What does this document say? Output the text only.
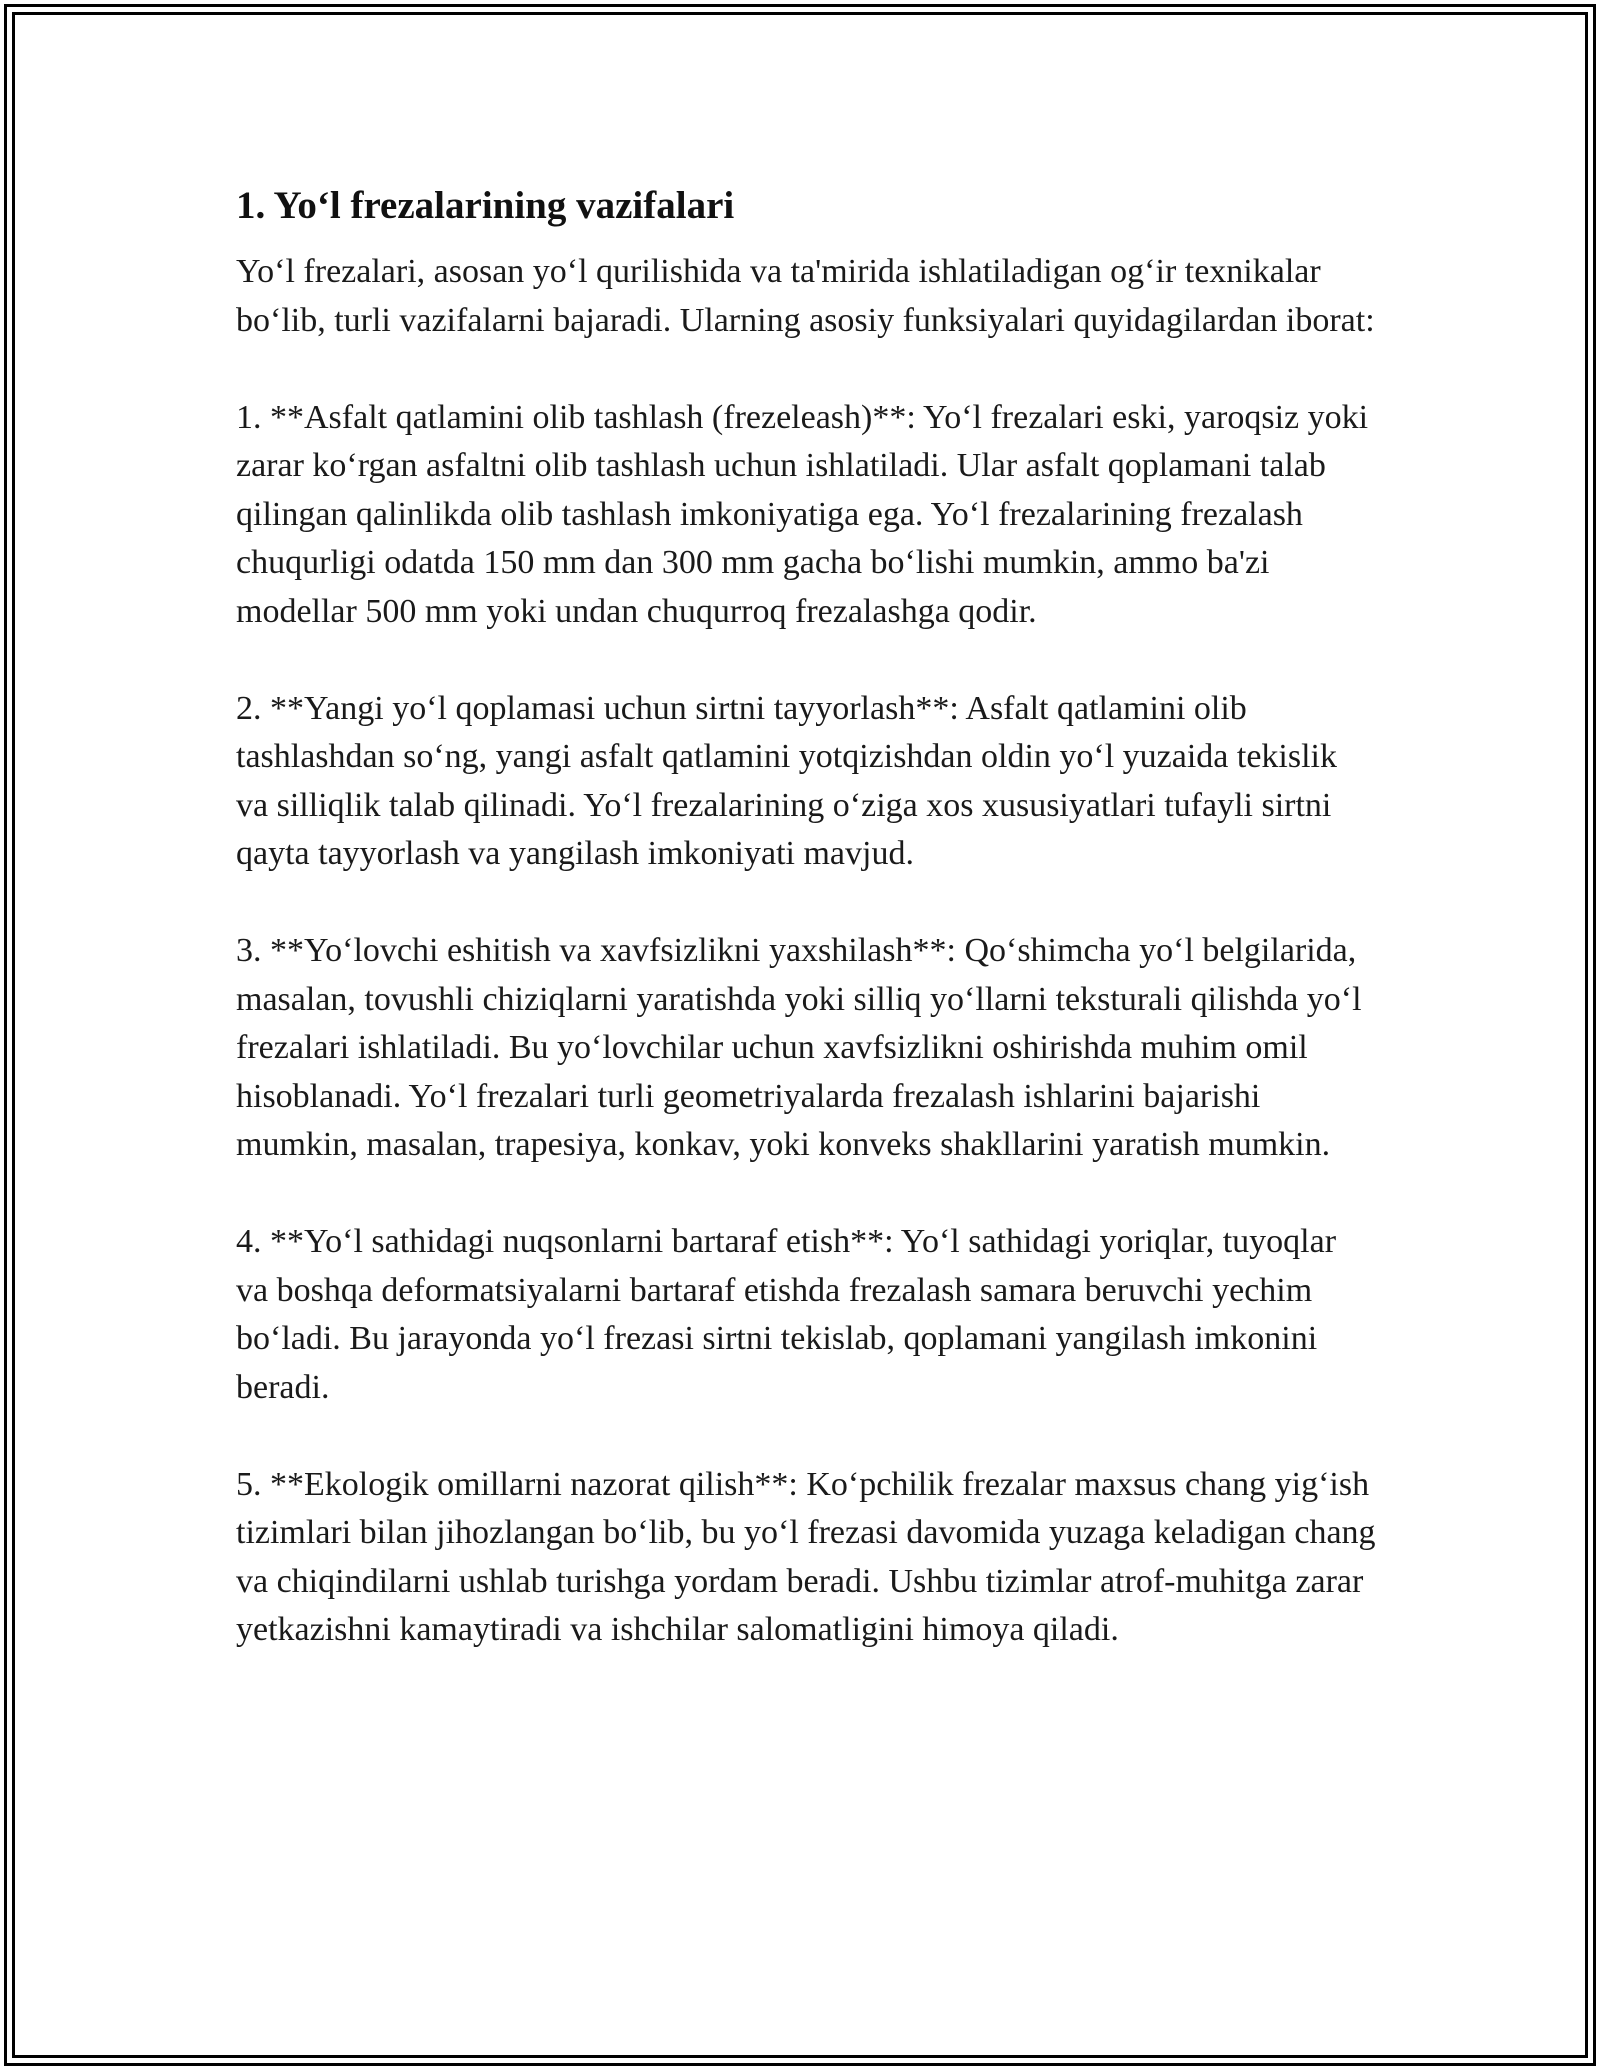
1. Yo‘l frezalarining vazifalari

Yo‘l frezalari, asosan yo‘l qurilishida va ta'mirida ishlatiladigan og‘ir texnikalar bo‘lib, turli vazifalarni bajaradi. Ularning asosiy funksiyalari quyidagilardan iborat:

1. **Asfalt qatlamini olib tashlash (frezeleash)**: Yo‘l frezalari eski, yaroqsiz yoki zarar ko‘rgan asfaltni olib tashlash uchun ishlatiladi. Ular asfalt qoplamani talab qilingan qalinlikda olib tashlash imkoniyatiga ega. Yo‘l frezalarining frezalash chuqurligi odatda 150 mm dan 300 mm gacha bo‘lishi mumkin, ammo ba'zi modellar 500 mm yoki undan chuqurroq frezalashga qodir.

2. **Yangi yo‘l qoplamasi uchun sirtni tayyorlash**: Asfalt qatlamini olib tashlashdan so‘ng, yangi asfalt qatlamini yotqizishdan oldin yo‘l yuzaida tekislik va silliqlik talab qilinadi. Yo‘l frezalarining o‘ziga xos xususiyatlari tufayli sirtni qayta tayyorlash va yangilash imkoniyati mavjud.

3. **Yo‘lovchi eshitish va xavfsizlikni yaxshilash**: Qo‘shimcha yo‘l belgilarida, masalan, tovushli chiziqlarni yaratishda yoki silliq yo‘llarni teksturali qilishda yo‘l frezalari ishlatiladi. Bu yo‘lovchilar uchun xavfsizlikni oshirishda muhim omil hisoblanadi. Yo‘l frezalari turli geometriyalarda frezalash ishlarini bajarishi mumkin, masalan, trapesiya, konkav, yoki konveks shakllarini yaratish mumkin.

4. **Yo‘l sathidagi nuqsonlarni bartaraf etish**: Yo‘l sathidagi yoriqlar, tuyoqlar va boshqa deformatsiyalarni bartaraf etishda frezalash samara beruvchi yechim bo‘ladi. Bu jarayonda yo‘l frezasi sirtni tekislab, qoplamani yangilash imkonini beradi.

5. **Ekologik omillarni nazorat qilish**: Ko‘pchilik frezalar maxsus chang yig‘ish tizimlari bilan jihozlangan bo‘lib, bu yo‘l frezasi davomida yuzaga keladigan chang va chiqindilarni ushlab turishga yordam beradi. Ushbu tizimlar atrof-muhitga zarar yetkazishni kamaytiradi va ishchilar salomatligini himoya qiladi.
